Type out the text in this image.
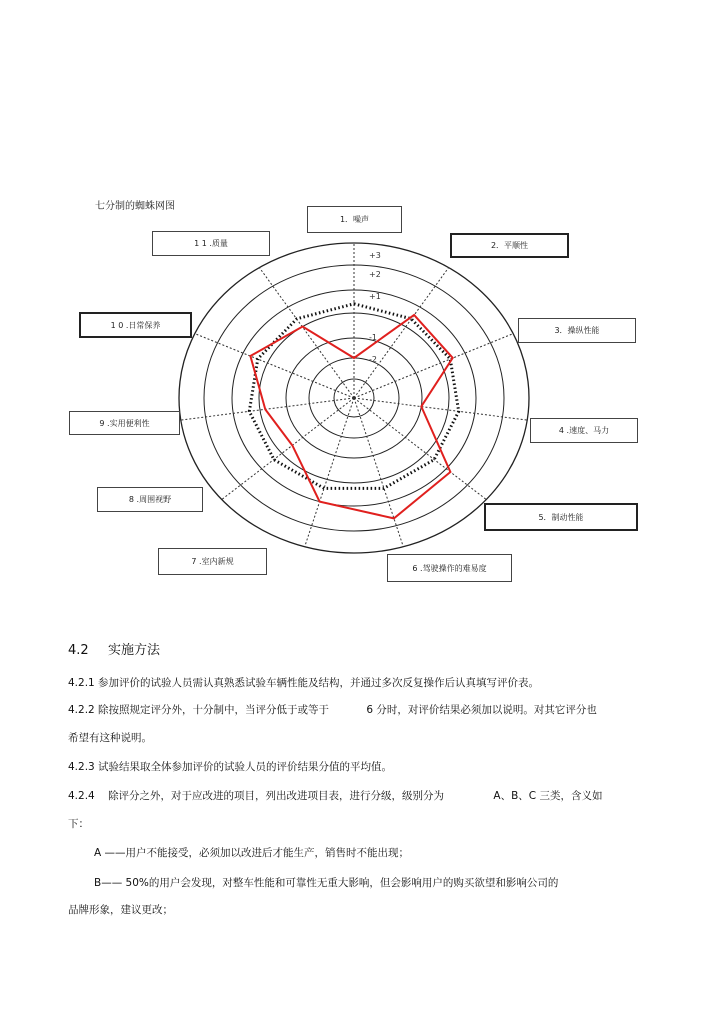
七分制的蜘蛛网图
+3
+2
+1
-1
-2
1．噪声
2．平顺性
3．操纵性能
4 .速度、马力
5．制动性能
6 .驾驶操作的难易度
7 .室内新规
8 .周围视野
9 .实用便利性
1 0 .日常保养
1 1 .质量
4.2 实施方法
4.2.1 参加评价的试验人员需认真熟悉试验车辆性能及结构，并通过多次反复操作后认真填写评价表。
4.2.2 除按照规定评分外，十分制中，当评分低于或等于	6 分时，对评价结果必须加以说明。对其它评分也
希望有这种说明。
4.2.3 试验结果取全体参加评价的试验人员的评价结果分值的平均值。
4.2.4 除评分之外，对于应改进的项目，列出改进项目表，进行分级，级别分为	A、B、C 三类，含义如
下：
A ——用户不能接受，必须加以改进后才能生产，销售时不能出现；
B—— 50%的用户会发现，对整车性能和可靠性无重大影响，但会影响用户的购买欲望和影响公司的
品牌形象，建议更改；
